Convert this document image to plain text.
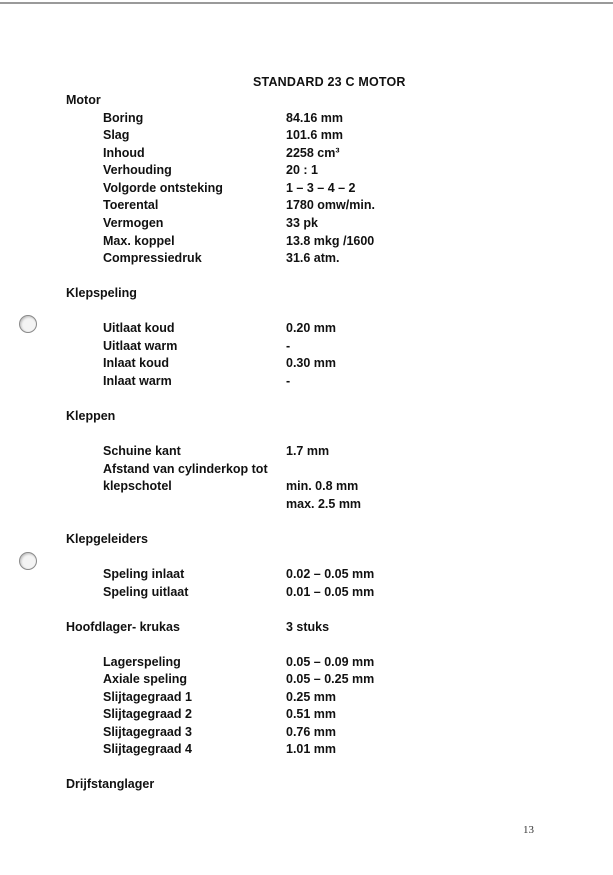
STANDARD 23 C MOTOR
Motor
Boring	84.16 mm
Slag	101.6 mm
Inhoud	2258 cm³
Verhouding	20 : 1
Volgorde ontsteking	1 – 3 – 4 – 2
Toerental	1780 omw/min.
Vermogen	33 pk
Max. koppel	13.8 mkg /1600
Compressiedruk	31.6 atm.
Klepspeling
Uitlaat koud	0.20 mm
Uitlaat warm	-
Inlaat koud	0.30 mm
Inlaat warm	-
Kleppen
Schuine kant	1.7 mm
Afstand van cylinderkop tot
klepschotel	min. 0.8 mm
max. 2.5 mm
Klepgeleiders
Speling inlaat	0.02 – 0.05 mm
Speling uitlaat	0.01 – 0.05 mm
Hoofdlager- krukas	3 stuks
Lagerspeling	0.05 – 0.09 mm
Axiale speling	0.05 – 0.25 mm
Slijtagegraad 1	0.25 mm
Slijtagegraad 2	0.51 mm
Slijtagegraad 3	0.76 mm
Slijtagegraad 4	1.01 mm
Drijfstanglager
13
